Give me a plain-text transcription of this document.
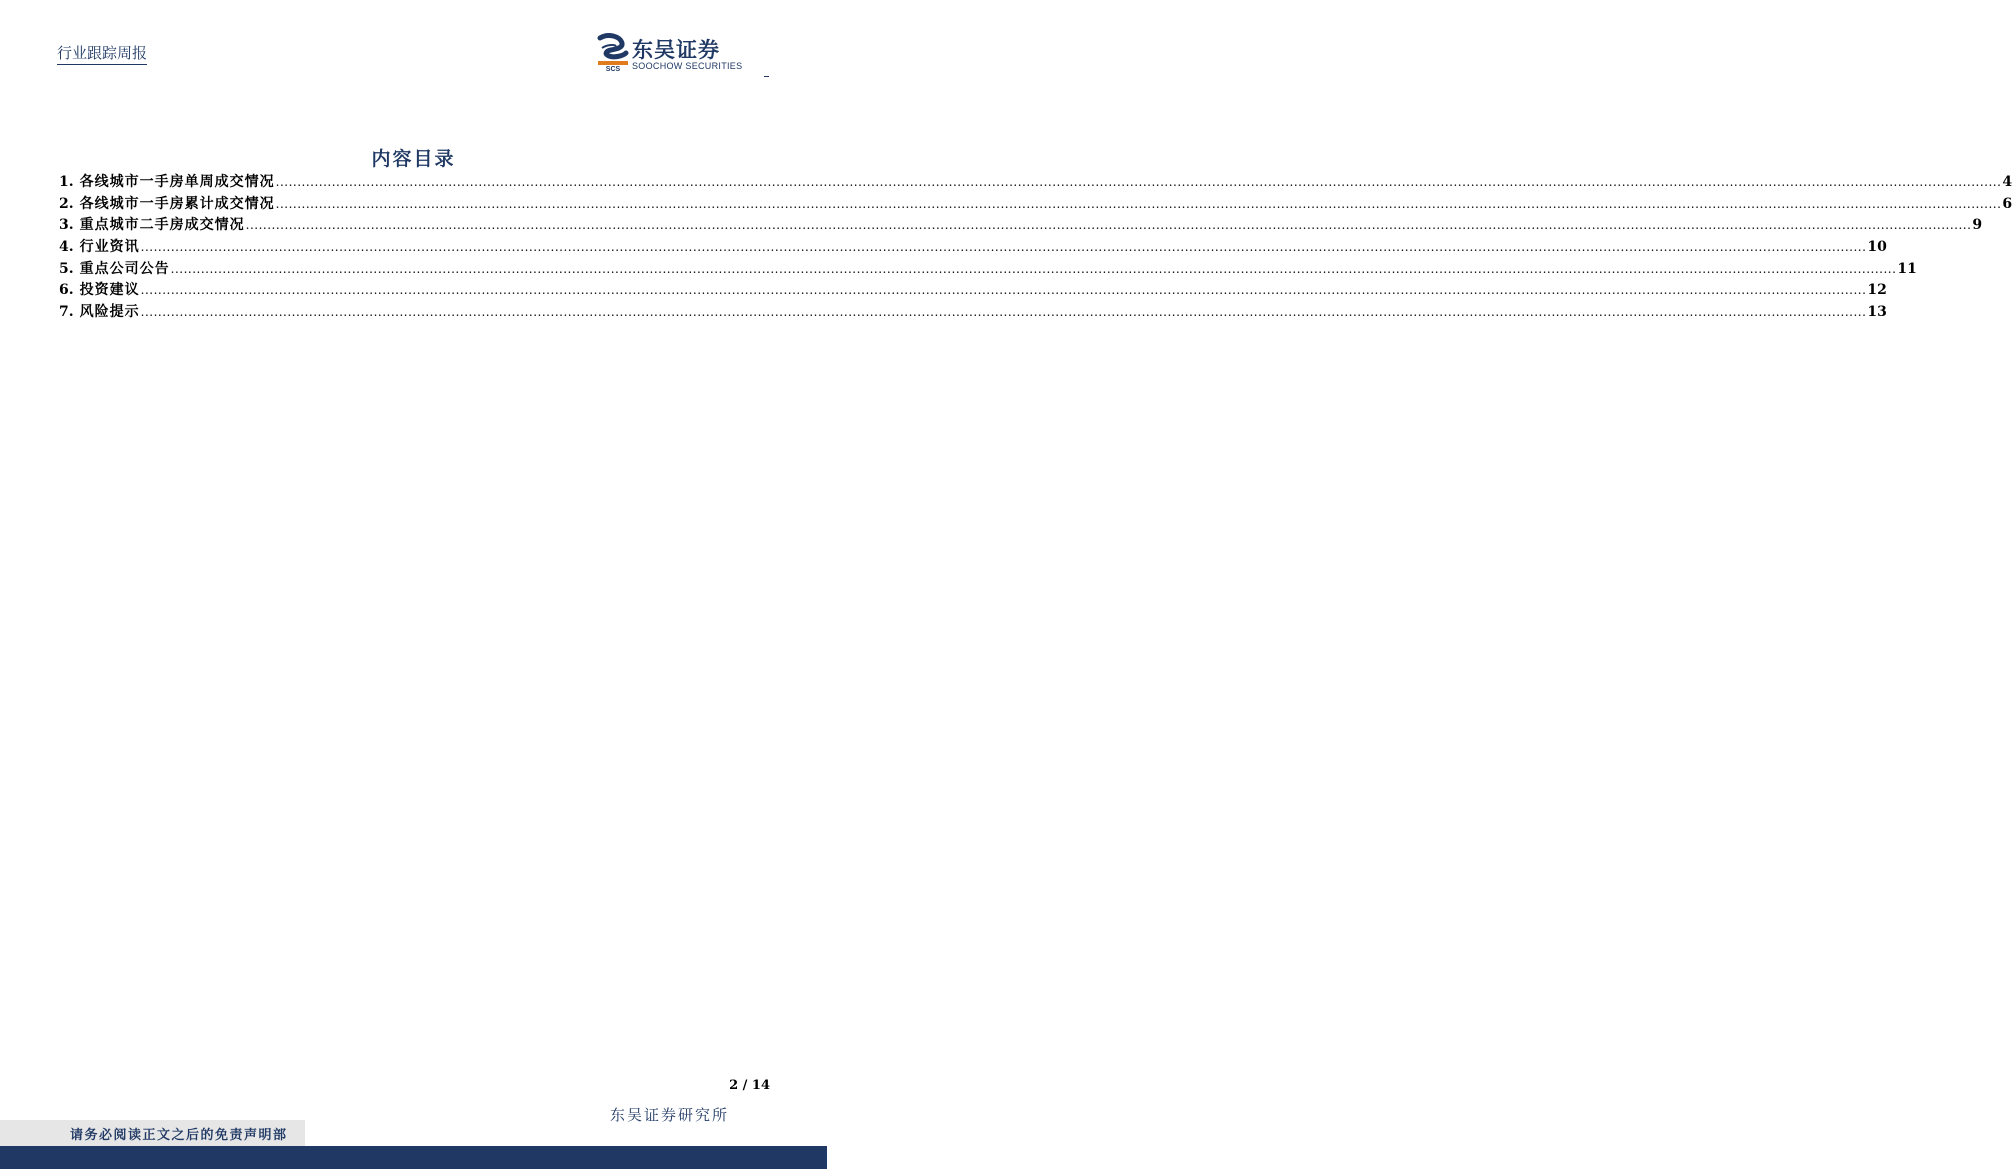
行业跟踪周报
SCS
东吴证券
SOOCHOW SECURITIES
内容目录
1. 各线城市一手房单周成交情况 ................................................................................................................................................................................................................................................................................................................................................................................................................ 4
2. 各线城市一手房累计成交情况 ................................................................................................................................................................................................................................................................................................................................................................................................................ 6
3. 重点城市二手房成交情况 ................................................................................................................................................................................................................................................................................................................................................................................................................ 9
4. 行业资讯 ................................................................................................................................................................................................................................................................................................................................................................................................................ 10
5. 重点公司公告 ................................................................................................................................................................................................................................................................................................................................................................................................................ 11
6. 投资建议 ................................................................................................................................................................................................................................................................................................................................................................................................................ 12
7. 风险提示 ................................................................................................................................................................................................................................................................................................................................................................................................................ 13
2 / 14
东吴证券研究所
请务必阅读正文之后的免责声明部
